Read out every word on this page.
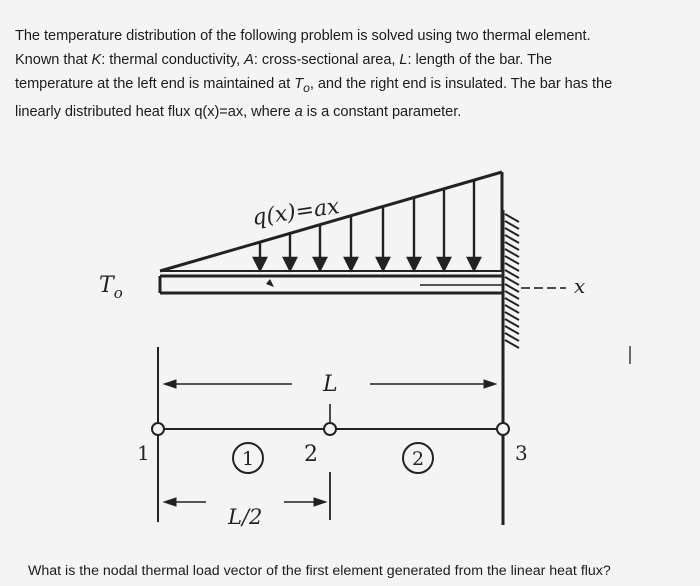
The temperature distribution of the following problem is solved using two thermal element.

Known that K: thermal conductivity, A: cross-sectional area, L: length of the bar. The

temperature at the left end is maintained at $T_o$, and the right end is insulated. The bar has the

linearly distributed heat flux q(x)=ax, where a is a constant parameter.

q(x)=ax
x
$T_o$
L
1	2	3
1	2
L/2
|
What is the nodal thermal load vector of the first element generated from the linear heat flux?
